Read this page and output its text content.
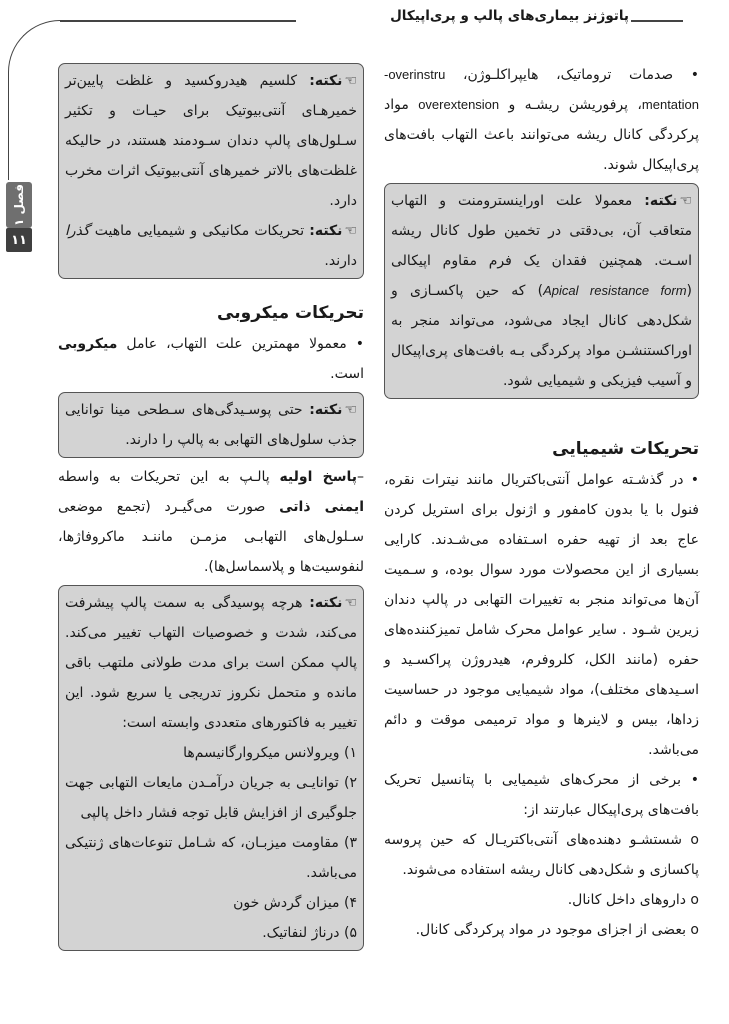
پاتوژنز بیماری‌های پالپ و پری‌اپیکال
فصل ۱
۱۱

• صدمات تروماتیک، هایپراکلـوژن، -overinstru mentation، پرفوریشن ریشـه و overextension مواد پرکردگی کانال ریشه می‌توانند باعث التهاب بافت‌های پری‌اپیکال شوند.

☜نکته: معمولا علت اوراینسترومنت و التهاب متعاقب آن، بی‌دقتی در تخمین طول کانال ریشه اسـت. همچنین فقدان یک فرم مقاوم اپیکالی (Apical resistance form) که حین پاکسـازی و شکل‌دهی کانال ایجاد می‌شود، می‌تواند منجر به اوراکستنشـن مواد پرکردگی بـه بافت‌های پری‌اپیکال و آسیب فیزیکی و شیمیایی شود.

تحریکات شیمیایی

• در گذشـته عوامل آنتی‌باکتریال مانند نیترات نقره، فنول با یا بدون کامفور و اژنول برای استریل کردن عاج بعد از تهیه حفره اسـتفاده می‌شـدند. کارایی بسیاری از این محصولات مورد سوال بوده، و سـمیت آن‌ها می‌تواند منجر به تغییرات التهابی در پالپ دندان زیرین شـود . سایر عوامل محرک شامل تمیزکننده‌های حفره (مانند الکل، کلروفرم، هیدروژن پراکسـید و اسـیدهای مختلف)، مواد شیمیایی موجود در حساسیت زداها، بیس و لاینرها و مواد ترمیمی موقت و دائم می‌باشد.

• برخی از محرک‌های شیمیایی با پتانسیل تحریک بافت‌های پری‌اپیکال عبارتند از:

ο شستشـو دهنده‌های آنتی‌باکتریـال که حین پروسه پاکسازی و شکل‌دهی کانال ریشه استفاده می‌شوند.

ο داروهای داخل کانال.

ο بعضی از اجزای موجود در مواد پرکردگی کانال.

☜نکته: کلسیم هیدروکسید و غلظت پایین‌تر خمیرهـای آنتی‌بیوتیک برای حیـات و تکثیر سـلول‌های پالپ دندان سـودمند هستند، در حالیکه غلظت‌های بالاتر خمیرهای آنتی‌بیوتیک اثرات مخرب دارد.

☜نکته: تحریکات مکانیکی و شیمیایی ماهیت گذرا دارند.

تحریکات میکروبی

• معمولا مهمترین علت التهاب، عامل میکروبی است.

☜نکته: حتی پوسـیدگی‌های سـطحی مینا توانایی جذب سلول‌های التهابی به پالپ را دارند.

–پاسخ اولیه پالـپ به این تحریکات به واسطه ایمنی ذاتی صورت می‌گیـرد (تجمع موضعی سـلول‌های التهابـی مزمـن ماننـد ماکروفاژها، لنفوسیت‌ها و پلاسماسل‌ها).

☜نکته: هرچه پوسیدگی به سمت پالپ پیشرفت می‌کند، شدت و خصوصیات التهاب تغییر می‌کند. پالپ ممکن است برای مدت طولانی ملتهب باقی مانده و متحمل نکروز تدریجی یا سریع شود. این تغییر به فاکتورهای متعددی وابسته است:

۱) ویرولانس میکروارگانیسم‌ها

۲) توانایـی به جریان درآمـدن مایعات التهابی جهت جلوگیری از افزایش قابل توجه فشار داخل پالپی

۳) مقاومت میزبـان، که شـامل تنوعات‌های ژنتیکی می‌باشد.

۴) میزان گردش خون

۵) درناژ لنفاتیک.
